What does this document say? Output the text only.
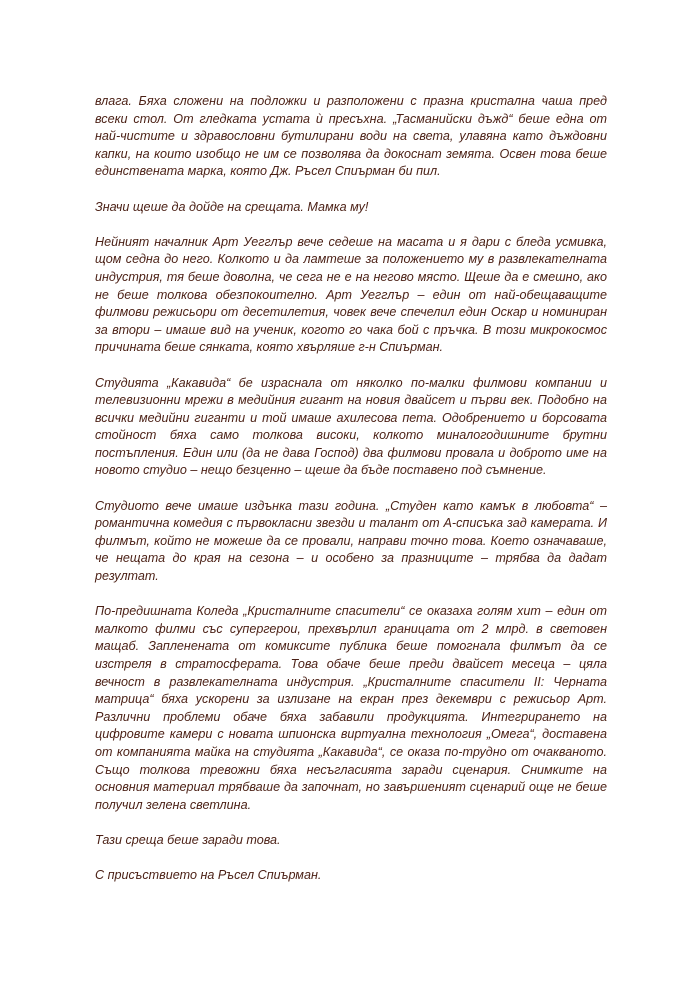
влага. Бяха сложени на подложки и разположени с празна кристална чаша пред всеки стол. От гледката устата ѝ пресъхна. „Тасманийски дъжд“ беше една от най-чистите и здравословни бутилирани води на света, улавяна като дъждовни капки, на които изобщо не им се позволява да докоснат земята. Освен това беше единствената марка, която Дж. Ръсел Спиърман би пил.

Значи щеше да дойде на срещата. Мамка му!

Нейният началник Арт Уегглър вече седеше на масата и я дари с бледа усмивка, щом седна до него. Колкото и да ламтеше за положението му в развлекателната индустрия, тя беше доволна, че сега не е на негово място. Щеше да е смешно, ако не беше толкова обезпокоително. Арт Уегглър – един от най-обещаващите филмови режисьори от десетилетия, човек вече спечелил един Оскар и номиниран за втори – имаше вид на ученик, когото го чака бой с пръчка. В този микрокосмос причината беше сянката, която хвърляше г-н Спиърман.

Студията „Какавида“ бе израснала от няколко по-малки филмови компании и телевизионни мрежи в медийния гигант на новия двайсет и първи век. Подобно на всички медийни гиганти и той имаше ахилесова пета. Одобрението и борсовата стойност бяха само толкова високи, колкото миналогодишните брутни постъпления. Един или (да не дава Господ) два филмови провала и доброто име на новото студио – нещо безценно – щеше да бъде поставено под съмнение.

Студиото вече имаше издънка тази година. „Студен като камък в любовта“ – романтична комедия с първокласни звезди и талант от А-списъка зад камерата. И филмът, който не можеше да се провали, направи точно това. Което означаваше, че нещата до края на сезона – и особено за празниците – трябва да дадат резултат.

По-предишната Коледа „Кристалните спасители“ се оказаха голям хит – един от малкото филми със супергерои, прехвърлил границата от 2 млрд. в световен мащаб. Запленената от комиксите публика беше помогнала филмът да се изстреля в стратосферата. Това обаче беше преди двайсет месеца – цяла вечност в развлекателната индустрия. „Кристалните спасители II: Черната матрица“ бяха ускорени за излизане на екран през декември с режисьор Арт. Различни проблеми обаче бяха забавили продукцията. Интегрирането на цифровите камери с новата шпионска виртуална технология „Омега“, доставена от компанията майка на студията „Какавида“, се оказа по-трудно от очакваното. Също толкова тревожни бяха несъгласията заради сценария. Снимките на основния материал трябваше да започнат, но завършеният сценарий още не беше получил зелена светлина.

Тази среща беше заради това.

С присъствието на Ръсел Спиърман.
